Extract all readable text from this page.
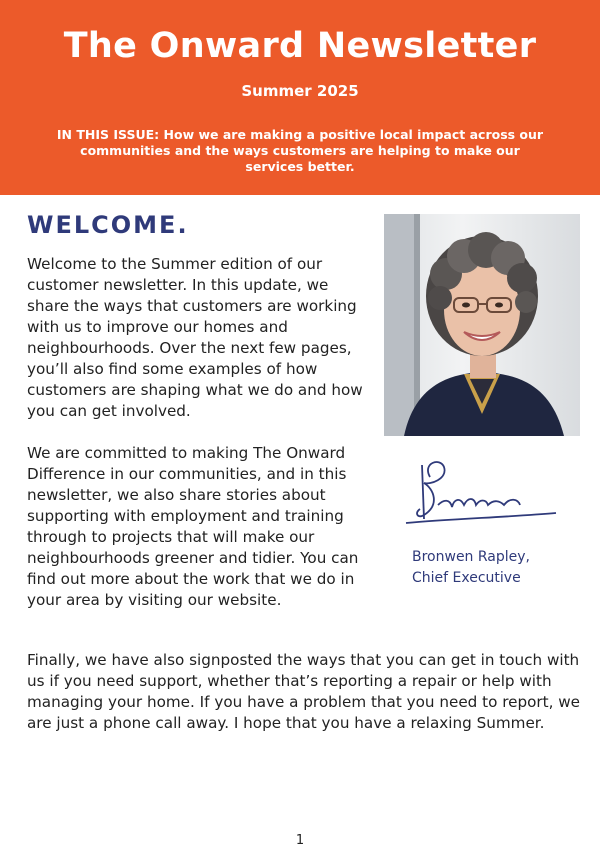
The Onward Newsletter
Summer 2025
IN THIS ISSUE: How we are making a positive local impact across our communities and the ways customers are helping to make our services better.
WELCOME.

Welcome to the Summer edition of our customer newsletter. In this update, we share the ways that customers are working with us to improve our homes and neighbourhoods. Over the next few pages, you’ll also find some examples of how customers are shaping what we do and how you can get involved.

We are committed to making The Onward Difference in our communities, and in this newsletter, we also share stories about supporting with employment and training through to projects that will make our neighbourhoods greener and tidier. You can find out more about the work that we do in your area by visiting our website.

Finally, we have also signposted the ways that you can get in touch with us if you need support, whether that’s reporting a repair or help with managing your home. If you have a problem that you need to report, we are just a phone call away. I hope that you have a relaxing Summer.

Bronwen Rapley,
Chief Executive
1
